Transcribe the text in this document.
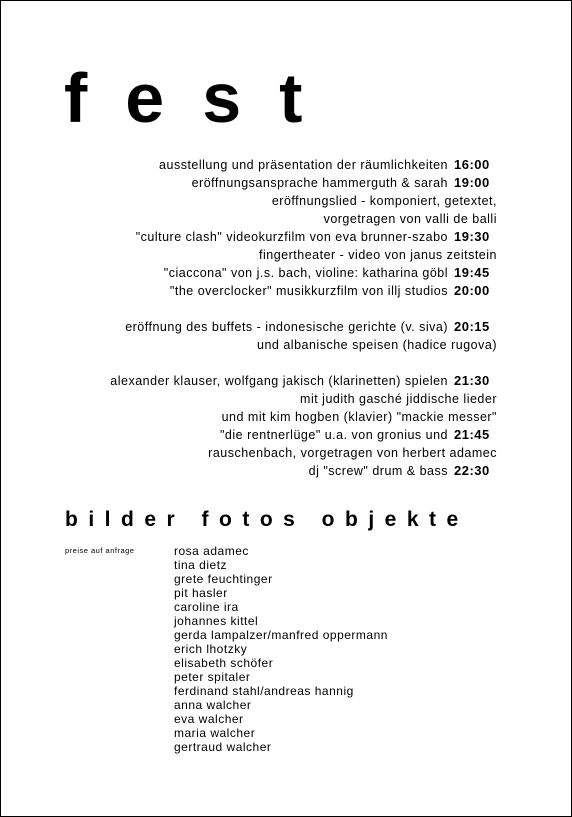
fest
ausstellung und präsentation der räumlichkeiten 16:00
eröffnungsansprache hammerguth & sarah 19:00
eröffnungslied - komponiert, getextet,
vorgetragen von valli de balli
"culture clash" videokurzfilm von eva brunner-szabo 19:30
fingertheater - video von janus zeitstein
"ciaccona" von j.s. bach, violine: katharina göbl 19:45
"the overclocker" musikkurzfilm von illj studios 20:00
eröffnung des buffets - indonesische gerichte (v. siva) 20:15
und albanische speisen (hadice rugova)
alexander klauser, wolfgang jakisch (klarinetten) spielen 21:30
mit judith gasché jiddische lieder
und mit kim hogben (klavier) "mackie messer"
"die rentnerlüge" u.a. von gronius und 21:45
rauschenbach, vorgetragen von herbert adamec
dj "screw" drum & bass 22:30
bilder fotos objekte
preise auf anfrage	rosa adamec
tina dietz
grete feuchtinger
pit hasler
caroline ira
johannes kittel
gerda lampalzer/manfred oppermann
erich lhotzky
elisabeth schöfer
peter spitaler
ferdinand stahl/andreas hannig
anna walcher
eva walcher
maria walcher
gertraud walcher
